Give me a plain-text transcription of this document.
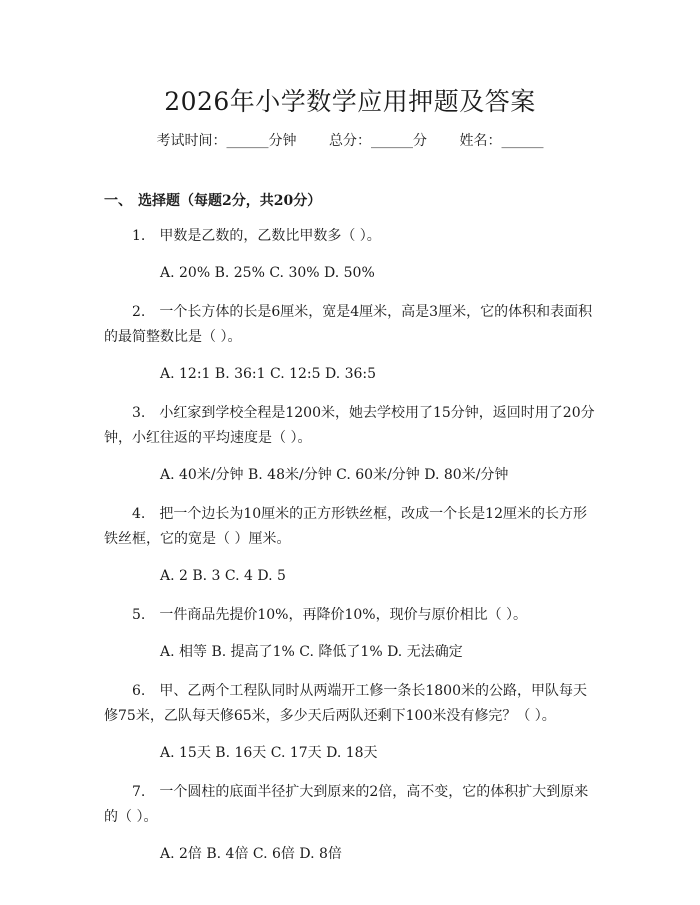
2026年小学数学应用押题及答案
考试时间：______分钟 总分：______分 姓名：______
一、 选择题（每题2分，共20分）

1.　甲数是乙数的，乙数比甲数多（ ）。

A. 20% B. 25% C. 30% D. 50%

2.　一个长方体的长是6厘米，宽是4厘米，高是3厘米，它的体积和表面积的最简整数比是（ ）。

A. 12:1 B. 36:1 C. 12:5 D. 36:5

3.　小红家到学校全程是1200米，她去学校用了15分钟，返回时用了20分钟，小红往返的平均速度是（ ）。

A. 40米/分钟 B. 48米/分钟 C. 60米/分钟 D. 80米/分钟

4.　把一个边长为10厘米的正方形铁丝框，改成一个长是12厘米的长方形铁丝框，它的宽是（ ）厘米。

A. 2 B. 3 C. 4 D. 5

5.　一件商品先提价10%，再降价10%，现价与原价相比（ ）。

A. 相等 B. 提高了1% C. 降低了1% D. 无法确定

6.　甲、乙两个工程队同时从两端开工修一条长1800米的公路，甲队每天修75米，乙队每天修65米，多少天后两队还剩下100米没有修完？（ ）。

A. 15天 B. 16天 C. 17天 D. 18天

7.　一个圆柱的底面半径扩大到原来的2倍，高不变，它的体积扩大到原来的（ ）。

A. 2倍 B. 4倍 C. 6倍 D. 8倍
